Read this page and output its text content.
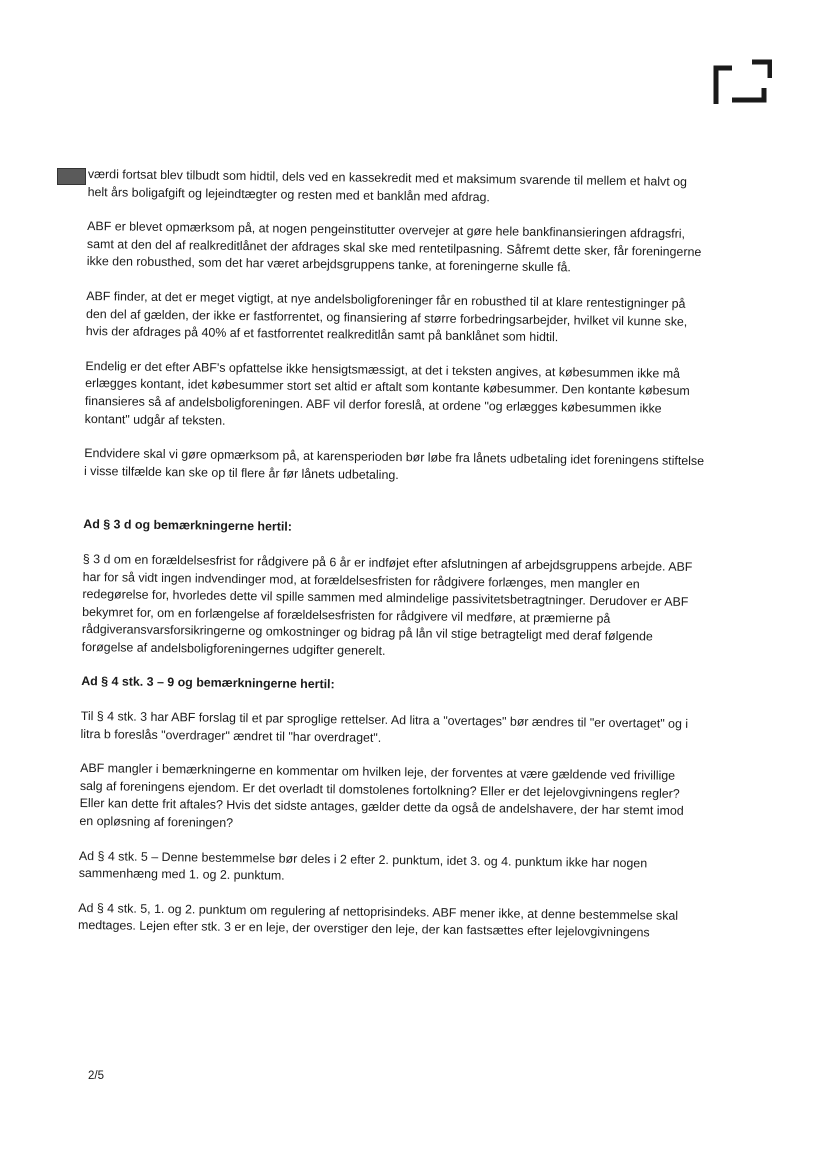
værdi fortsat blev tilbudt som hidtil, dels ved en kassekredit med et maksimum svarende til mellem et halvt og helt års boligafgift og lejeindtægter og resten med et banklån med afdrag.

ABF er blevet opmærksom på, at nogen pengeinstitutter overvejer at gøre hele bankfinansieringen afdragsfri, samt at den del af realkreditlånet der afdrages skal ske med rentetilpasning. Såfremt dette sker, får foreningerne ikke den robusthed, som det har været arbejdsgruppens tanke, at foreningerne skulle få.

ABF finder, at det er meget vigtigt, at nye andelsboligforeninger får en robusthed til at klare rentestigninger på den del af gælden, der ikke er fastforrentet, og finansiering af større forbedringsarbejder, hvilket vil kunne ske, hvis der afdrages på 40% af et fastforrentet realkreditlån samt på banklånet som hidtil.

Endelig er det efter ABF's opfattelse ikke hensigtsmæssigt, at det i teksten angives, at købesummen ikke må erlægges kontant, idet købesummer stort set altid er aftalt som kontante købesummer. Den kontante købesum finansieres så af andelsboligforeningen. ABF vil derfor foreslå, at ordene "og erlægges købesummen ikke kontant" udgår af teksten.

Endvidere skal vi gøre opmærksom på, at karensperioden bør løbe fra lånets udbetaling idet foreningens stiftelse i visse tilfælde kan ske op til flere år før lånets udbetaling.

Ad § 3 d og bemærkningerne hertil:

§ 3 d om en forældelsesfrist for rådgivere på 6 år er indføjet efter afslutningen af arbejdsgruppens arbejde. ABF har for så vidt ingen indvendinger mod, at forældelsesfristen for rådgivere forlænges, men mangler en redegørelse for, hvorledes dette vil spille sammen med almindelige passivitetsbetragtninger. Derudover er ABF bekymret for, om en forlængelse af forældelsesfristen for rådgivere vil medføre, at præmierne på rådgiveransvarsforsikringerne og omkostninger og bidrag på lån vil stige betragteligt med deraf følgende forøgelse af andelsboligforeningernes udgifter generelt.

Ad § 4 stk. 3 – 9 og bemærkningerne hertil:

Til § 4 stk. 3 har ABF forslag til et par sproglige rettelser. Ad litra a "overtages" bør ændres til "er overtaget" og i litra b foreslås "overdrager" ændret til "har overdraget".

ABF mangler i bemærkningerne en kommentar om hvilken leje, der forventes at være gældende ved frivillige salg af foreningens ejendom. Er det overladt til domstolenes fortolkning? Eller er det lejelovgivningens regler? Eller kan dette frit aftales? Hvis det sidste antages, gælder dette da også de andelshavere, der har stemt imod en opløsning af foreningen?

Ad § 4 stk. 5 – Denne bestemmelse bør deles i 2 efter 2. punktum, idet 3. og 4. punktum ikke har nogen sammenhæng med 1. og 2. punktum.

Ad § 4 stk. 5, 1. og 2. punktum om regulering af nettoprisindeks. ABF mener ikke, at denne bestemmelse skal medtages. Lejen efter stk. 3 er en leje, der overstiger den leje, der kan fastsættes efter lejelovgivningens

2/5
